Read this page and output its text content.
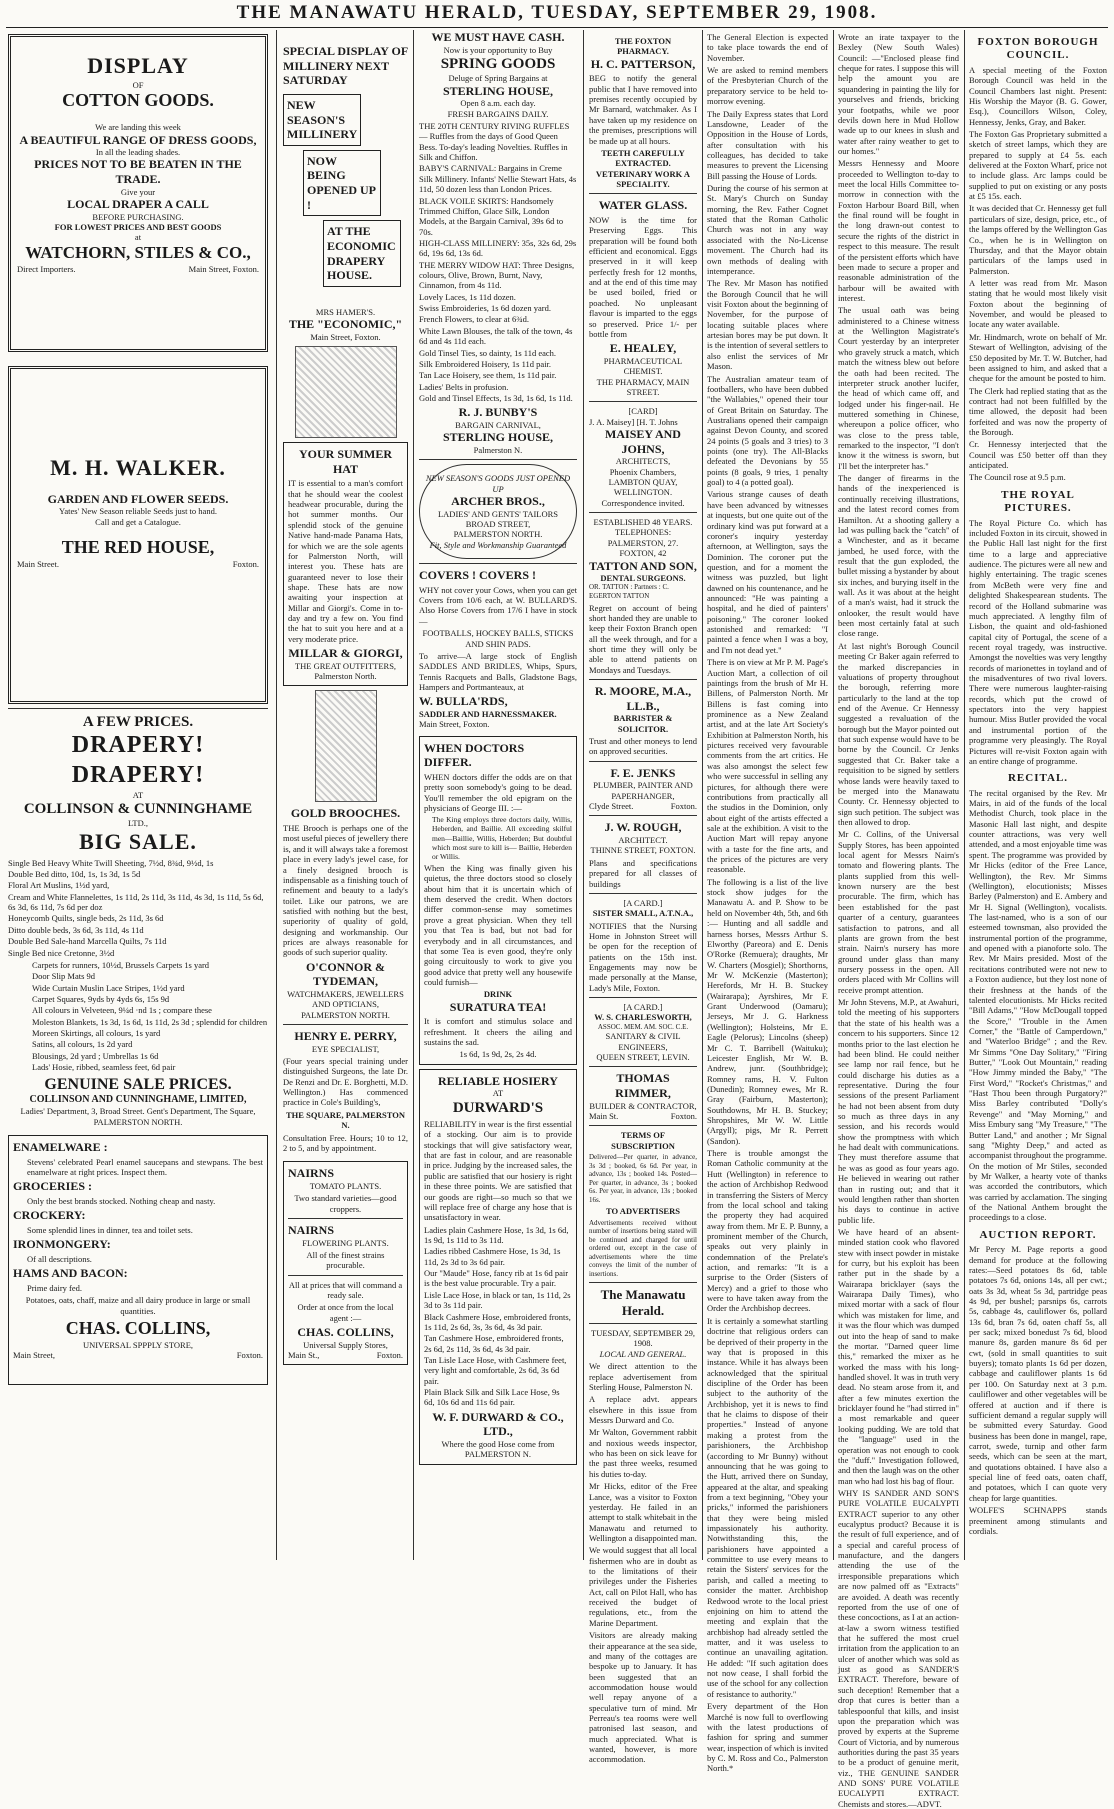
THE MANAWATU HERALD, TUESDAY, SEPTEMBER 29, 1908.
DISPLAY
OF
COTTON GOODS.
We are landing this week
A BEAUTIFUL RANGE OF DRESS GOODS,
In all the leading shades.
PRICES NOT TO BE BEATEN IN THE TRADE.
Give your
LOCAL DRAPER A CALL
BEFORE PURCHASING.
FOR LOWEST PRICES AND BEST GOODS
at
WATCHORN, STILES & CO.,
Direct Importers.	Main Street, Foxton.
M. H. WALKER.
GARDEN AND FLOWER SEEDS.
Yates' New Season reliable Seeds just to hand.
Call and get a Catalogue.
THE RED HOUSE,
Main Street.	Foxton.
A FEW PRICES.
DRAPERY! DRAPERY!
AT
COLLINSON & CUNNINGHAME
LTD.,
BIG SALE.
Single Bed Heavy White Twill Sheeting, 7½d, 8¾d, 9½d, 1s
Double Bed ditto, 10d, 1s, 1s 3d, 1s 5d
Floral Art Muslins, 1½d yard,
Cream and White Flannelettes, 1s 11d, 2s 11d, 3s 11d, 4s 3d, 1s 11d, 5s 6d, 6s 3d, 6s 11d, 7s 6d per doz
Honeycomb Quilts, single beds, 2s 11d, 3s 6d
Ditto double beds, 3s 6d, 3s 11d, 4s 11d
Double Bed Sale-hand Marcella Quilts, 7s 11d
Single Bed nice Cretonne, 3½d
Carpets for runners, 10½d, Brussels Carpets 1s yard
Door Slip Mats 9d
Wide Curtain Muslin Lace Stripes, 1½d yard
Carpet Squares, 9yds by 4yds 6s, 15s 9d
All colours in Velveteen, 9¼d ·nd 1s ; compare these
Moleston Blankets, 1s 3d, 1s 6d, 1s 11d, 2s 3d ; splendid for children
Moreen Skirtings, all colours, 1s yard
Satins, all colours, 1s 2d yard
Blousings, 2d yard ; Umbrellas 1s 6d
Lads' Hosie, ribbed, seamless feet, 6d pair
GENUINE SALE PRICES.
COLLINSON AND CUNNINGHAME, LIMITED,
Ladies' Department, 3, Broad Street. Gent's Department, The Square,
PALMERSTON NORTH.
ENAMELWARE :

Stevens' celebrated Pearl enamel saucepans and stewpans. The best enamelware at right prices. Inspect them.

GROCERIES :

Only the best brands stocked. Nothing cheap and nasty.

CROCKERY:

Some splendid lines in dinner, tea and toilet sets.

IRONMONGERY:

Of all descriptions.

HAMS AND BACON:

Prime dairy fed.

Potatoes, oats, chaff, maize and all dairy produce in large or small quantities.

CHAS. COLLINS,
UNIVERSAL SPPPLY STORE,
Main Street,	Foxton.
SPECIAL DISPLAY OF MILLINERY NEXT SATURDAY
NEW SEASON'S MILLINERY
NOW BEING OPENED UP !
AT THE ECONOMIC DRAPERY HOUSE.
MRS HAMER'S.
THE "ECONOMIC,"
Main Street, Foxton.
YOUR SUMMER HAT

IT is essential to a man's comfort that he should wear the coolest headwear procurable, during the hot summer months. Our splendid stock of the genuine Native hand-made Panama Hats, for which we are the sole agents for Palmerston North, will interest you. These hats are guaranteed never to lose their shape. These hats are now awaiting your inspection at Millar and Giorgi's. Come in to-day and try a few on. You find the hat to suit you here and at a very moderate price.

MILLAR & GIORGI,
THE GREAT OUTFITTERS,
Palmerston North.
GOLD BROOCHES.

THE Brooch is perhaps one of the most useful pieces of jewellery there is, and it will always take a foremost place in every lady's jewel case, for a finely designed brooch is indispensable as a finishing touch of refinement and beauty to a lady's toilet. Like our patrons, we are satisfied with nothing but the best, superiority of quality of gold, designing and workmanship. Our prices are always reasonable for goods of such superior quality.

O'CONNOR & TYDEMAN,
WATCHMAKERS, JEWELLERS AND OPTICIANS,
PALMERSTON NORTH.
HENRY E. PERRY,
EYE SPECIALIST,

(Four years special training under distinguished Surgeons, the late Dr. De Renzi and Dr. E. Borghetti, M.D. Wellington.) Has commenced practice in Cole's Building's,

THE SQUARE, PALMERSTON N.

Consultation Free. Hours; 10 to 12, 2 to 5, and by appointment.

NAIRNS
TOMATO PLANTS.

Two standard varieties—good croppers.

NAIRNS
FLOWERING PLANTS.

All of the finest strains procurable.

All at prices that will command a ready sale.

Order at once from the local agent :—

CHAS. COLLINS,
Universal Supply Stores,
Main St.,	Foxton.
WE MUST HAVE CASH.
Now is your opportunity to Buy
SPRING GOODS
Deluge of Spring Bargains at
STERLING HOUSE,
Open 8 a.m. each day.
FRESH BARGAINS DAILY.
THE 20TH CENTURY RIVING RUFFLES— Ruffles from the days of Good Queen Bess. To-day's leading Novelties. Ruffles in Silk and Chiffon.
BABY'S CARNIVAL: Bargains in Creme Silk Millinery. Infants' Nellie Stewart Hats, 4s 11d, 50 dozen less than London Prices.
BLACK VOILE SKIRTS: Handsomely Trimmed Chiffon, Glace Silk, London Models, at the Bargain Carnival, 39s 6d to 70s.
HIGH-CLASS MILLINERY: 35s, 32s 6d, 29s 6d, 19s 6d, 13s 6d.
THE MERRY WIDOW HAT: Three Designs, colours, Olive, Brown, Burnt, Navy, Cinnamon, from 4s 11d.
Lovely Laces, 1s 11d dozen.
Swiss Embroideries, 1s 6d dozen yard.
French Flowers, to clear at 6¾d.
White Lawn Blouses, the talk of the town, 4s 6d and 4s 11d each.
Gold Tinsel Ties, so dainty, 1s 11d each.
Silk Embroidered Hoisery, 1s 11d pair.
Tan Lace Hoisery, see them, 1s 11d pair.
Ladies' Belts in profusion.
Gold and Tinsel Effects, 1s 3d, 1s 6d, 1s 11d.
R. J. BUNBY'S
BARGAIN CARNIVAL,
STERLING HOUSE,
Palmerston N.
NEW SEASON'S GOODS JUST OPENED UP
ARCHER BROS.,
LADIES' AND GENTS' TAILORS
BROAD STREET,
PALMERSTON NORTH.
Fit, Style and Workmanship Guaranteed
COVERS ! COVERS !

WHY not cover your Cows, when you can get Covers from 10/6 each, at W. BULLARD'S. Also Horse Covers from 17/6 I have in stock—

FOOTBALLS, HOCKEY BALLS, STICKS AND SHIN PADS.

To arrive—A large stock of English SADDLES AND BRIDLES, Whips, Spurs, Tennis Racquets and Balls, Gladstone Bags, Hampers and Portmanteaux, at

W. BULLA'RDS,
SADDLER AND HARNESSMAKER.
Main Street, Foxton.
WHEN DOCTORS DIFFER.

WHEN doctors differ the odds are on that pretty soon somebody's going to be dead. You'll remember the old epigram on the physicians of George III. :—

The King employs three doctors daily, Willis, Heberden, and Baillie. All exceeding skilful men—Baillie, Willis, Heberden; But doubtful which most sure to kill is— Baillie, Heberden or Willis.

When the King was finally given his quietus, the three doctors stood so closely about him that it is uncertain which of them deserved the credit. When doctors differ common-sense may sometimes prove a great physician. When they tell you that Tea is bad, but not bad for everybody and in all circumstances, and that some Tea is even good, they're only going circuitously to work to give you good advice that pretty well any housewife could furnish—

DRINK
SURATURA TEA!

It is comfort and stimulus solace and refreshment. It cheers the ailing and sustains the sad.

1s 6d, 1s 9d, 2s, 2s 4d.
RELIABLE HOSIERY
AT
DURWARD'S

RELIABILITY in wear is the first essential of a stocking. Our aim is to provide stockings that will give satisfactory wear, that are fast in colour, and are reasonable in price. Judging by the increased sales, the public are satisfied that our hosiery is right in these three points. We are satisfied that our goods are right—so much so that we will replace free of charge any hose that is unsatisfactory in wear.

Ladies plain Cashmere Hose, 1s 3d, 1s 6d, 1s 9d, 1s 11d to 3s 11d.
Ladies ribbed Cashmere Hose, 1s 3d, 1s 11d, 2s 3d to 3s 6d pair.
Our "Maude" Hose, fancy rib at 1s 6d pair is the best value procurable. Try a pair.
Lisle Lace Hose, in black or tan, 1s 11d, 2s 3d to 3s 11d pair.
Black Cashmere Hose, embroidered fronts, 1s 11d, 2s 6d, 3s, 3s 6d, 4s 3d pair.
Tan Cashmere Hose, embroidered fronts, 2s 6d, 2s 11d, 3s 6d, 4s 3d pair.
Tan Lisle Lace Hose, with Cashmere feet, very light and comfortable, 2s 6d, 3s 6d pair.
Plain Black Silk and Silk Lace Hose, 9s 6d, 10s 6d and 11s 6d pair.
W. F. DURWARD & CO., LTD.,
Where the good Hose come from PALMERSTON N.
THE FOXTON PHARMACY.
H. C. PATTERSON,

BEG to notify the general public that I have removed into premises recently occupied by Mr Barnard, watchmaker. As I have taken up my residence on the premises, prescriptions will be made up at all hours.

TEETH CAREFULLY EXTRACTED.
VETERINARY WORK A SPECIALITY.
WATER GLASS.

NOW is the time for Preserving Eggs. This preparation will be found both efficient and economical. Eggs preserved in it will keep perfectly fresh for 12 months, and at the end of this time may be used boiled, fried or poached. No unpleasant flavour is imparted to the eggs so preserved. Price 1/- per bottle from

E. HEALEY,
PHARMACEUTICAL CHEMIST.
THE PHARMACY, MAIN STREET.
[CARD]
J. A. Maisey] [H. T. Johns
MAISEY AND JOHNS,
ARCHITECTS,
Phoenix Chambers, LAMBTON QUAY, WELLINGTON.
Correspondence invited.
ESTABLISHED 48 YEARS.
TELEPHONES: PALMERSTON, 27. FOXTON, 42
TATTON AND SON,
DENTAL SURGEONS.
OR. TATTON : Partners : C. EGERTON TATTON

Regret on account of being short handed they are unable to keep their Foxton Branch open all the week through, and for a short time they will only be able to attend patients on Mondays and Tuesdays.

R. MOORE, M.A., LL.B.,
BARRISTER & SOLICITOR.

Trust and other moneys to lend on approved securities.

F. E. JENKS
PLUMBER, PAINTER AND PAPERHANGER,
Clyde Street.	Foxton.
J. W. ROUGH,
ARCHITECT.
THINNE STREET, FOXTON.

Plans and specifications prepared for all classes of buildings

[A CARD.]
SISTER SMALL, A.T.N.A.,

NOTIFIES that the Nursing Home in Johnston Street will be open for the reception of patients on the 15th inst. Engagements may now be made personally at the Manse, Lady's Mile, Foxton.

[A CARD.]
W. S. CHARLESWORTH,
ASSOC. MEM. AM. SOC. C.E.
SANITARY & CIVIL ENGINEERS,
QUEEN STREET, LEVIN.
THOMAS RIMMER,
BUILDER & CONTRACTOR,
Main St.	Foxton.
TERMS OF SUBSCRIPTION

Delivered—Per quarter, in advance, 3s 3d ; booked, 6s 6d. Per year, in advance, 13s ; booked 14s. Posted—Per quarter, in advance, 3s ; booked 6s. Per year, in advance, 13s ; booked 16s.

TO ADVERTISERS

Advertisements received without number of insertions being stated will be continued and charged for until ordered out, except in the case of advertisements where the time conveys the limit of the number of insertions.

The Manawatu Herald.
TUESDAY, SEPTEMBER 29, 1908.
LOCAL AND GENERAL.

We direct attention to the replace advertisement from Sterling House, Palmerston N.

A replace advt. appears elsewhere in this issue from Messrs Durward and Co.

Mr Walton, Government rabbit and noxious weeds inspector, who has been on sick leave for the past three weeks, resumed his duties to-day.

Mr Hicks, editor of the Free Lance, was a visitor to Foxton yesterday. He failed in an attempt to stalk whitebait in the Manawatu and returned to Wellington a disappointed man.

We would suggest that all local fishermen who are in doubt as to the limitations of their privileges under the Fisheries Act, call on Pilot Hall, who has received the budget of regulations, etc., from the Marine Department.

Visitors are already making their appearance at the sea side, and many of the cottages are bespoke up to January. It has been suggested that an accommodation house would well repay anyone of a speculative turn of mind. Mr Perreau's tea rooms were well patronised last season, and much appreciated. What is wanted, however, is more accommodation.

The General Election is expected to take place towards the end of November.

We are asked to remind members of the Presbyterian Church of the preparatory service to be held to-morrow evening.

The Daily Express states that Lord Lansdowne, Leader of the Opposition in the House of Lords, after consultation with his colleagues, has decided to take measures to prevent the Licensing Bill passing the House of Lords.

During the course of his sermon at St. Mary's Church on Sunday morning, the Rev. Father Cognet stated that the Roman Catholic Church was not in any way associated with the No-License movement. The Church had its own methods of dealing with intemperance.

The Rev. Mr Mason has notified the Borough Council that he will visit Foxton about the beginning of November, for the purpose of locating suitable places where artesian bores may be put down. It is the intention of several settlers to also enlist the services of Mr Mason.

The Australian amateur team of footballers, who have been dubbed "the Wallabies," opened their tour of Great Britain on Saturday. The Australians opened their campaign against Devon County, and scored 24 points (5 goals and 3 tries) to 3 points (one try). The All-Blacks defeated the Devonians by 55 points (8 goals, 9 tries, 1 penalty goal) to 4 (a potted goal).

Various strange causes of death have been advanced by witnesses at inquests, but one quite out of the ordinary kind was put forward at a coroner's inquiry yesterday afternoon, at Wellington, says the Dominion. The coroner put the question, and for a moment the witness was puzzled, but light dawned on his countenance, and he announced: "He was painting a hospital, and he died of painters' poisoning." The coroner looked astonished and remarked: "I painted a fence when I was a boy, and I'm not dead yet."

There is on view at Mr P. M. Page's Auction Mart, a collection of oil paintings from the brush of Mr H. Billens, of Palmerston North. Mr Billens is fast coming into prominence as a New Zealand artist, and at the late Art Society's Exhibition at Palmerston North, his pictures received very favourable comments from the art critics. He was also amongst the select few who were successful in selling any pictures, for although there were contributions from practically all the studios in the Dominion, only about eight of the artists effected a sale at the exhibition. A visit to the Auction Mart will repay anyone with a taste for the fine arts, and the prices of the pictures are very reasonable.

The following is a list of the live stock show judges for the Manawatu A. and P. Show to be held on November 4th, 5th, and 6th :— Hunting and all saddle and harness horses, Messrs Arthur S. Elworthy (Pareora) and E. Denis O'Rorke (Remuera); draughts, Mr W. Charters (Mosgiel); Shorthorns, Mr W. McKenzie (Masterton); Herefords, Mr H. B. Stuckey (Wairarapa); Ayrshires, Mr F. Grant Underwood (Oamaru); Jerseys, Mr J. G. Harkness (Wellington); Holsteins, Mr E. Eagle (Pelorus); Lincolns (sheep) Mr C. T. Barribell (Waituku); Leicester English, Mr W. B. Andrew, junr. (Southbridge); Romney rams, H. V. Fulton (Dunedin); Romney ewes, Mr R. Gray (Fairburn, Masterton); Southdowns, Mr H. B. Stuckey; Shropshires, Mr W. W. Little (Argyll); pigs, Mr R. Perrett (Sandon).

There is trouble amongst the Roman Catholic community at the Hutt (Wellington) in reference to the action of Archbishop Redwood in transferring the Sisters of Mercy from the local school and taking the property they had acquired away from them. Mr E. P. Bunny, a prominent member of the Church, speaks out very plainly in condemnation of the Prelate's action, and remarks: "It is a surprise to the Order (Sisters of Mercy) and a grief to those who were to have taken away from the Order the Archbishop decrees.

It is certainly a somewhat startling doctrine that religious orders can be deprived of their property in the way that is proposed in this instance. While it has always been acknowledged that the spiritual discipline of the Order has been subject to the authority of the Archbishop, yet it is news to find that he claims to dispose of their properties." Instead of anyone making a protest from the parishioners, the Archbishop (according to Mr Bunny) without announcing that he was going to the Hutt, arrived there on Sunday, appeared at the altar, and speaking from a text beginning, "Obey your pricks," informed the parishioners that they were being misled impassionately his authority. Notwithstanding this, the parishioners have appointed a committee to use every means to retain the Sisters' services for the parish, and called a meeting to consider the matter. Archbishop Redwood wrote to the local priest enjoining on him to attend the meeting and explain that the archbishop had already settled the matter, and it was useless to continue an unavailing agitation. He added: "If such agitation does not now cease, I shall forbid the use of the school for any collection of resistance to authority."

Every department of the Hon Marché is now full to overflowing with the latest productions of fashion for spring and summer wear, inspection of which is invited by C. M. Ross and Co., Palmerston North.*

Wrote an irate taxpayer to the Bexley (New South Wales) Council: —"Enclosed please find cheque for rates. I suppose this will help the amount you are squandering in painting the lily for yourselves and friends, bricking your footpaths, while we poor devils down here in Mud Hollow wade up to our knees in slush and water after rainy weather to get to our homes."

Messrs Hennessy and Moore proceeded to Wellington to-day to meet the local Hills Committee to-morrow in connection with the Foxton Harbour Board Bill, when the final round will be fought in the long drawn-out contest to secure the rights of the district in respect to this measure. The result of the persistent efforts which have been made to secure a proper and reasonable administration of the harbour will be awaited with interest.

The usual oath was being administered to a Chinese witness at the Wellington Magistrate's Court yesterday by an interpreter who gravely struck a match, which match the witness blew out before the oath had been recited. The interpreter struck another lucifer, the head of which came off, and lodged under his finger-nail. He muttered something in Chinese, whereupon a police officer, who was close to the press table, remarked to the inspector, "I don't know it the witness is sworn, but I'll bet the interpreter has."

The danger of firearms in the hands of the inexperienced is continually receiving illustrations, and the latest record comes from Hamilton. At a shooting gallery a lad was pulling back the "catch" of a Winchester, and as it became jambed, he used force, with the result that the gun exploded, the bullet missing a bystander by about six inches, and burying itself in the wall. As it was about at the height of a man's waist, had it struck the onlooker, the result would have been most certainly fatal at such close range.

At last night's Borough Council meeting Cr Baker again referred to the marked discrepancies in valuations of property throughout the borough, referring more particularly to the land at the top end of the Avenue. Cr Hennessy suggested a revaluation of the borough but the Mayor pointed out that such expense would have to be borne by the Council. Cr Jenks suggested that Cr. Baker take a requisition to be signed by settlers whose lands were heavily taxed to be merged into the Manawatu County. Cr. Hennessy objected to sign such petition. The subject was then allowed to drop.

Mr C. Collins, of the Universal Supply Stores, has been appointed local agent for Messrs Nairn's tomato and flowering plants. The plants supplied from this well-known nursery are the best procurable. The firm, which has been established for the past quarter of a century, guarantees satisfaction to patrons, and all plants are grown from the best strain. Nairn's nursery has more ground under glass than many nursery possess in the open. All orders placed with Mr Collins will receive prompt attention.

Mr John Stevens, M.P., at Awahuri, told the meeting of his supporters that the state of his health was a concern to his supporters. Since 12 months prior to the last election he had been blind. He could neither see lamp nor rail fence, but he could discharge his duties as a representative. During the four sessions of the present Parliament he had not been absent from duty so much as three days in any session, and his records would show the promptness with which he had dealt with communications. They must therefore assume that he was as good as four years ago. He believed in wearing out rather than in rusting out; and that it would lengthen rather than shorten his days to continue in active public life.

We have heard of an absent-minded station cook who flavored stew with insect powder in mistake for curry, but his exploit has been rather put in the shade by a Wairarapa bricklayer (says the Wairarapa Daily Times), who mixed mortar with a sack of flour which was mistaken for lime, and it was the flour which was dumped out into the heap of sand to make the mortar. "Darned queer lime this," remarked the mixer as he worked the mass with his long-handled shovel. It was in truth very dead. No steam arose from it, and after a few minutes exertion the bricklayer found he "had stirred in" a most remarkable and queer looking pudding. We are told that the "language" used in the operation was not enough to cook the "duff." Investigation followed, and then the laugh was on the other man who had lost his bag of flour.

WHY IS SANDER AND SON'S PURE VOLATILE EUCALYPTI EXTRACT superior to any other eucalyptus product? Because it is the result of full experience, and of a special and careful process of manufacture, and the dangers attending the use of the irresponsible preparations which are now palmed off as "Extracts" are avoided. A death was recently reported from the use of one of these concoctions, as I at an action-at-law a sworn witness testified that he suffered the most cruel irritation from the application to an ulcer of another which was sold as just as good as SANDER'S EXTRACT. Therefore, beware of such deception! Remember that a drop that cures is better than a tablespoonful that kills, and insist upon the preparation which was proved by experts at the Supreme Court of Victoria, and by numerous authorities during the past 35 years to be a product of genuine merit, viz., THE GENUINE SANDER AND SONS' PURE VOLATILE EUCALYPTI EXTRACT. Chemists and stores.—ADVT.

FOXTON BOROUGH COUNCIL.

A special meeting of the Foxton Borough Council was held in the Council Chambers last night. Present: His Worship the Mayor (B. G. Gower, Esq.), Councillors Wilson, Coley, Hennessy, Jenks, Gray, and Baker.

The Foxton Gas Proprietary submitted a sketch of street lamps, which they are prepared to supply at £4 5s. each delivered at the Foxton Wharf, price not to include glass. Arc lamps could be supplied to put on existing or any posts at £5 15s. each.

It was decided that Cr. Hennessy get full particulars of size, design, price, etc., of the lamps offered by the Wellington Gas Co., when he is in Wellington on Thursday, and that the Mayor obtain particulars of the lamps used in Palmerston.

A letter was read from Mr. Mason stating that he would most likely visit Foxton about the beginning of November, and would be pleased to locate any water available.

Mr. Hindmarch, wrote on behalf of Mr. Stewart of Wellington, advising of the £50 deposited by Mr. T. W. Butcher, had been assigned to him, and asked that a cheque for the amount be posted to him.

The Clerk had replied stating that as the contract had not been fulfilled by the time allowed, the deposit had been forfeited and was now the property of the Borough.

Cr. Hennessy interjected that the Council was £50 better off than they anticipated.

The Council rose at 9.5 p.m.

THE ROYAL PICTURES.

The Royal Picture Co. which has included Foxton in its circuit, showed in the Public Hall last night for the first time to a large and appreciative audience. The pictures were all new and highly entertaining. The tragic scenes from McBeth were very fine and delighted Shakespearean students. The record of the Holland submarine was much appreciated. A lengthy film of Lisbon, the quaint and old-fashioned capital city of Portugal, the scene of a recent royal tragedy, was instructive. Amongst the novelties was very lengthy records of marionettes in toyland and of the misadventures of two rival lovers. There were numerous laughter-raising records, which put the crowd of spectators into the very happiest humour. Miss Butler provided the vocal and instrumental portion of the programme very pleasingly. The Royal Pictures will re-visit Foxton again with an entire change of programme.

RECITAL.

The recital organised by the Rev. Mr Mairs, in aid of the funds of the local Methodist Church, took place in the Masonic Hall last night, and despite counter attractions, was very well attended, and a most enjoyable time was spent. The programme was provided by Mr Hicks (editor of the Free Lance, Wellington), the Rev. Mr Simms (Wellington), elocutionists; Misses Barley (Palmerston) and E. Ambery and Mr H. Signal (Wellington), vocalists. The last-named, who is a son of our esteemed townsman, also provided the instrumental portion of the programme, and opened with a pianoforte solo. The Rev. Mr Mairs presided. Most of the recitations contributed were not new to a Foxton audience, but they lost none of their freshness at the hands of the talented elocutionists. Mr Hicks recited "Bill Adams," "How McDougall topped the Score," "Trouble in the Amen Corner," the "Battle of Camperdown," and "Waterloo Bridge" ; and the Rev. Mr Simms "One Day Solitary," "Firing Butter," "Look Out Mountain," reading "How Jimmy minded the Baby," "The First Word," "Rocket's Christmas," and "Hast Thou been through Purgatory?" Miss Barley contributed "Dolly's Revenge" and "May Morning," and Miss Embury sang "My Treasure," "The Butter Land," and another ; Mr Signal sang "Mighty Deep," and acted as accompanist throughout the programme. On the motion of Mr Stiles, seconded by Mr Walker, a hearty vote of thanks was accorded the contributors, which was carried by acclamation. The singing of the National Anthem brought the proceedings to a close.

AUCTION REPORT.

Mr Percy M. Page reports a good demand for produce at the following rates:—Seed potatoes 8s 6d, table potatoes 7s 6d, onions 14s, all per cwt.; oats 3s 3d, wheat 5s 3d, partridge peas 4s 9d, per bushel; parsnips 6s, carrots 5s, cabbage 4s, cauliflower 6s, pollard 13s 6d, bran 7s 6d, oaten chaff 5s, all per sack; mixed bonedust 7s 6d, blood manure 8s, garden manure 8s 6d per cwt, (sold in small quantities to suit buyers); tomato plants 1s 6d per dozen, cabbage and cauliflower plants 1s 6d per 100. On Saturday next at 3 p.m. cauliflower and other vegetables will be offered at auction and if there is sufficient demand a regular supply will be submitted every Saturday. Good business has been done in mangel, rape, carrot, swede, turnip and other farm seeds, which can be seen at the mart, and quotations obtained. I have also a special line of feed oats, oaten chaff, and potatoes, which I can quote very cheap for large quantities.

WOLFE'S SCHNAPPS stands preeminent among stimulants and cordials.
